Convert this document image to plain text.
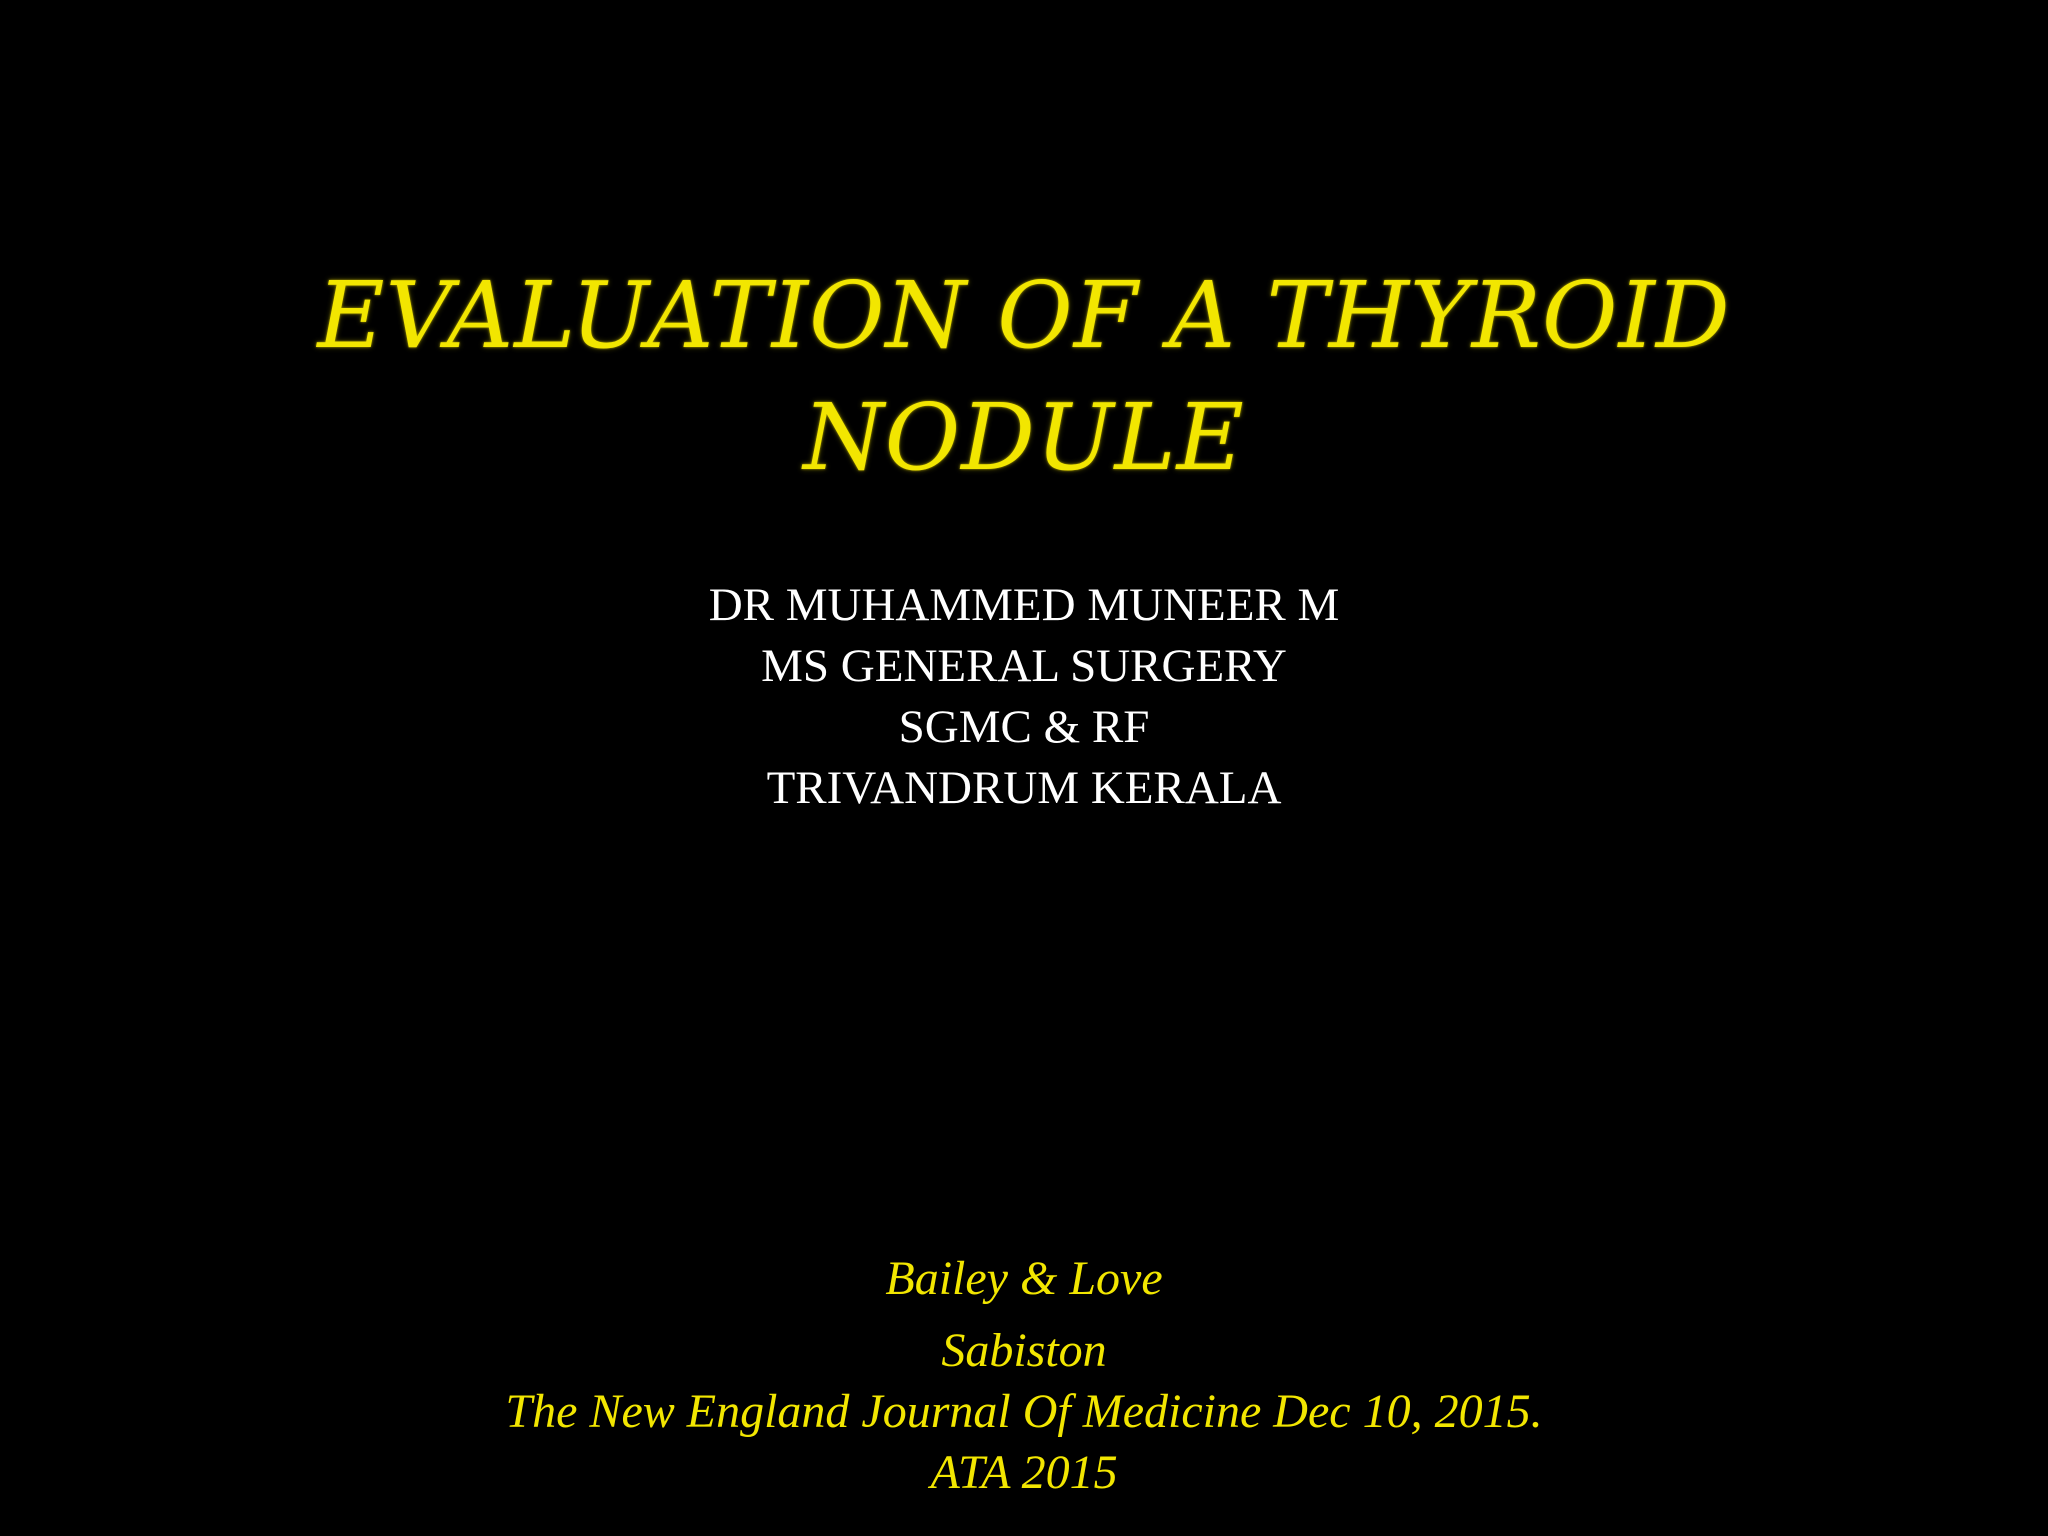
EVALUATION OF A THYROID
NODULE
DR MUHAMMED MUNEER M
MS GENERAL SURGERY
SGMC & RF
TRIVANDRUM KERALA
Bailey & Love
Sabiston
The New England Journal Of Medicine Dec 10, 2015.
ATA 2015
